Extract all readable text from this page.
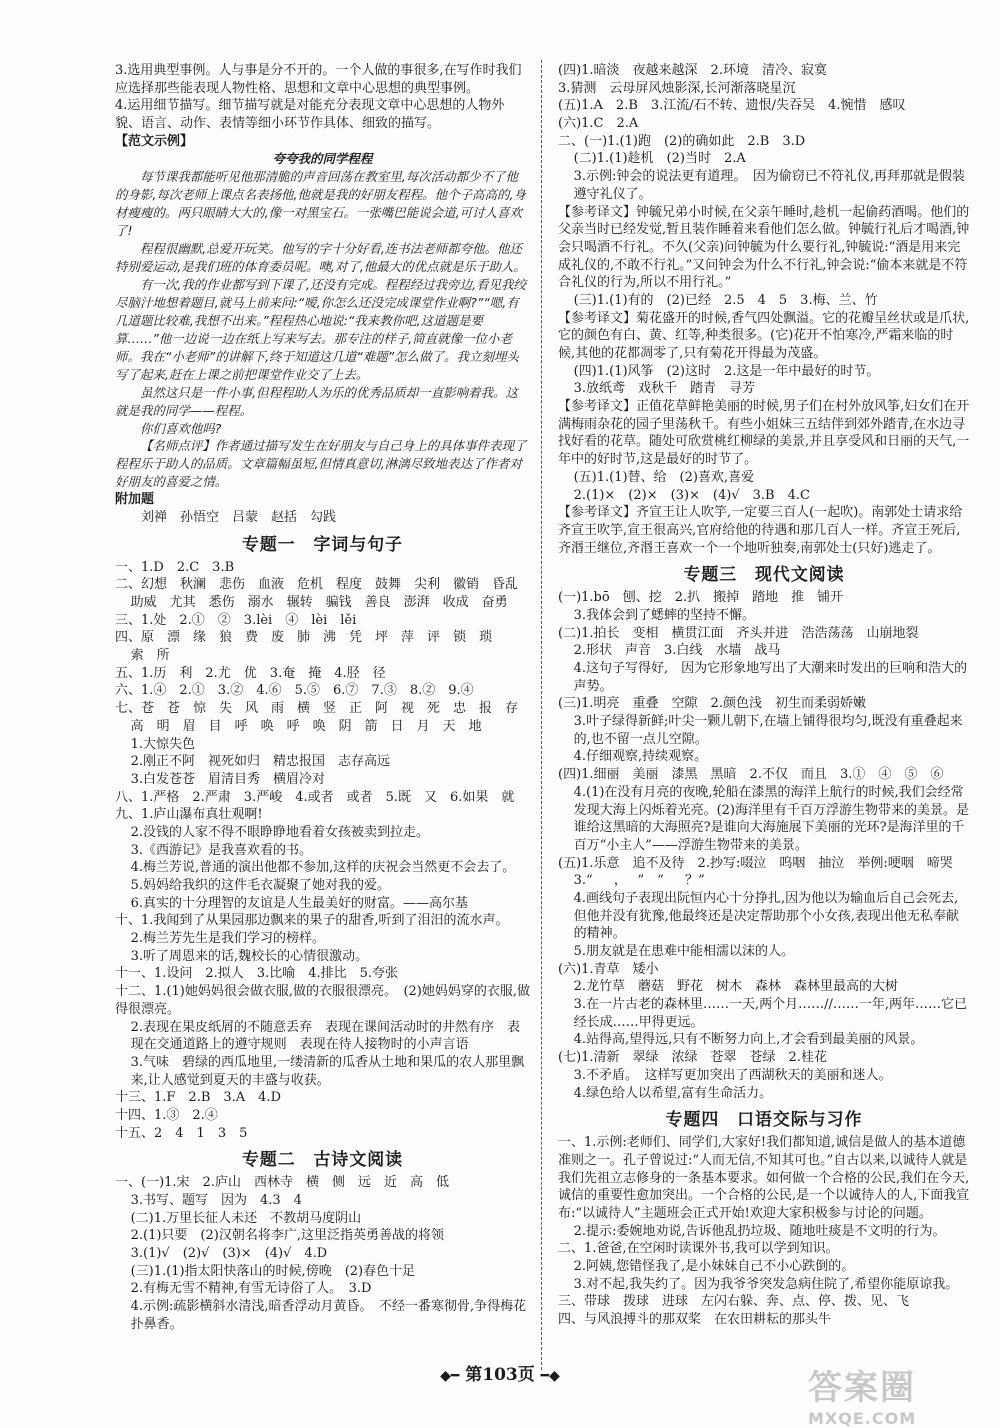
3.选用典型事例。人与事是分不开的。一个人做的事很多,在写作时我们应选择那些能表现人物性格、思想和文章中心思想的典型事例。
4.运用细节描写。细节描写就是对能充分表现文章中心思想的人物外貌、语言、动作、表情等细小环节作具体、细致的描写。
【范文示例】
夸夸我的同学程程
每节课我都能听见他那清脆的声音回荡在教室里,每次活动都少不了他的身影,每次老师上课点名表扬他,他就是我的好朋友程程。他个子高高的,身材瘦瘦的。两只眼睛大大的,像一对黑宝石。一张嘴巴能说会道,可讨人喜欢了!
程程很幽默,总爱开玩笑。他写的字十分好看,连书法老师都夸他。他还特别爱运动,是我们班的体育委员呢。噢,对了,他最大的优点就是乐于助人。
有一次,我的作业都写到下课了,还没有完成。程程经过我旁边,看见我绞尽脑汁地想着题目,就马上前来问:“嗳,你怎么还没完成课堂作业啊?”“嗯,有几道题比较难,我想不出来。”程程热心地说:“我来教你吧,这道题是要算……”他一边说一边在纸上写来写去。那专注的样子,简直就像一位小老师。我在“小老师”的讲解下,终于知道这几道“难题”怎么做了。我立刻埋头写了起来,赶在上课之前把课堂作业交了上去。
虽然这只是一件小事,但程程助人为乐的优秀品质却一直影响着我。这就是我的同学——程程。
你们喜欢他吗?
【名师点评】作者通过描写发生在好朋友与自己身上的具体事件表现了程程乐于助人的品质。文章篇幅虽短,但情真意切,淋漓尽致地表达了作者对好朋友的喜爱之情。
附加题
刘禅　孙悟空　吕蒙　赵括　勾践
专题一　字词与句子
一、1.D　2.C　3.B
二、幻想　秋澜　悲伤　血液　危机　程度　鼓舞　尖利　徽销　昏乱
助威　尤其　悉伤　溺水　辗转　骗钱　善良　澎湃　收成　奋勇
三、1.处　2.①　②　3.lèi　④　lèi　lěi
四、原　漂　缘　狼　费　废　肺　沸　凭　坪　萍　评　锁　琐
索　所
五、1.历　利　2.尤　优　3.奄　掩　4.胫　径
六、1.④　2.①　3.②　4.⑥　5.⑤　6.⑦　7.③　8.②　9.④
七、苍　苍　惊　失　风　雨　横　竖　正　阿　视　死　忠　报　存
高　明　眉　目　呼　唤　呼　唤　阴　箭　日　月　天　地
1.大惊失色
2.刚正不阿　视死如归　精忠报国　志存高远
3.白发苍苍　眉清目秀　横眉冷对
八、1.严格　2.严肃　3.严峻　4.或者　或者　5.既　又　6.如果　就
九、1.庐山瀑布真壮观啊!
2.没钱的人家不得不眼睁睁地看着女孩被卖到拉走。
3.《西游记》是我喜欢看的书。
4.梅兰芳说,普通的演出他都不参加,这样的庆祝会当然更不会去了。
5.妈妈给我织的这件毛衣凝聚了她对我的爱。
6.真实的十分理智的友谊是人生最美好的财富。——高尔基
十、1.我闻到了从果园那边飘来的果子的甜香,听到了泪汨的流水声。
2.梅兰芳先生是我们学习的榜样。
3.听了周恩来的话,魏校长的心情很激动。
十一、1.设问　2.拟人　3.比喻　4.排比　5.夸张
十二、1.(1)她妈妈很会做衣服,做的衣服很漂亮。　(2)她妈妈穿的衣服,做得很漂亮。
2.表现在果皮纸屑的不随意丢弃　表现在课间活动时的井然有序　表现在交通道路上的遵守规则　表现在待人接物时的小声言语
3.气味　碧绿的西瓜地里,一缕清新的瓜香从土地和果瓜的农人那里飘来,让人感觉到夏天的丰盛与收获。
十三、1.F　2.B　3.A　4.D
十四、1.③　2.④
十五、2　4　1　3　5
专题二　古诗文阅读
一、(一)1.宋　2.庐山　西林寺　横　侧　远　近　高　低
3.书写、题写　因为　4.3　4
(二)1.万里长征人未还　不教胡马度阴山
2.(1)只要　(2)汉朝名将李广,这里泛指英勇善战的将领
3.(1)√　(2)√　(3)×　(4)√　4.D
(三)1.(1)指太阳快落山的时候,傍晚　(2)春色十足
2.有梅无雪不精神,有雪无诗俗了人。　3.D
4.示例:疏影横斜水清浅,暗香浮动月黄昏。　不经一番寒彻骨,争得梅花扑鼻香。
(四)1.暗淡　夜越来越深　2.环境　清冷、寂寞
3.猜测　云母屏风烛影深,长河渐落晓星沉
(五)1.A　2.B　3.江流/石不转、遗恨/失吞吴　4.惋惜　感叹
(六)1.C　2.A
二、(一)1.(1)跑　(2)的确如此　2.B　3.D
(二)1.(1)趁机　(2)当时　2.A
3.示例:钟会的说法更有道理。　因为偷窃已不符礼仪,再拜那就是假装遵守礼仪了。
【参考译文】钟毓兄弟小时候,在父亲午睡时,趁机一起偷药酒喝。他们的父亲当时已经发觉,暂且装作睡着来看他们怎么做。钟毓行礼后才喝酒,钟会只喝酒不行礼。不久(父亲)问钟毓为什么要行礼,钟毓说:“酒是用来完成礼仪的,不敢不行礼。”又问钟会为什么不行礼,钟会说:“偷本来就是不符合礼仪的行为,所以不用行礼。”
(三)1.(1)有的　(2)已经　2.5　4　5　3.梅、兰、竹
【参考译文】菊花盛开的时候,香气四处飘溢。它的花瓣呈丝状或是爪状,它的颜色有白、黄、红等,种类很多。(它)花开不怕寒冷,严霜来临的时候,其他的花都凋零了,只有菊花开得最为茂盛。
(四)1.(1)风筝　(2)这时　2.这是一年中最好的时节。
3.放纸鸢　戏秋千　踏青　寻芳
【参考译文】正值花草鲜艳美丽的时候,男子们在村外放风筝,妇女们在开满梅雨杂花的园子里荡秋千。有些小姐妹三五结伴到郊外踏青,在水边寻找好看的花草。随处可欣赏桃红柳绿的美景,并且享受风和日丽的天气,一年中的好时节,这是最好的时节了。
(五)1.(1)替、给　(2)喜欢,喜爱
2.(1)×　(2)×　(3)×　(4)√　3.B　4.C
【参考译文】齐宣王让人吹竽,一定要三百人(一起吹)。南郭处士请求给齐宣王吹竽,宣王很高兴,官府给他的待遇和那几百人一样。齐宣王死后,齐湣王继位,齐湣王喜欢一个一个地听独奏,南郭处士(只好)逃走了。
专题三　现代文阅读
(一)1.bō　刨、挖　2.扒　搬掉　踏地　推　铺开
3.我体会到了蟋蟀的坚持不懈。
(二)1.拍长　变相　横贯江面　齐头并进　浩浩荡荡　山崩地裂
2.形状　声音　3.白线　水墙　战马
4.这句子写得好,　因为它形象地写出了大潮来时发出的巨响和浩大的声势。
(三)1.明亮　重叠　空隙　2.颜色浅　初生而柔弱娇嫩
3.叶子绿得新鲜;叶尖一颗儿朝下,在墙上铺得很均匀,既没有重叠起来的,也不留一点儿空隙。
4.仔细观察,持续观察。
(四)1.细丽　美丽　漆黑　黑暗　2.不仅　而且　3.①　④　⑤　⑥
4.(1)在没有月亮的夜晚,轮船在漆黑的海洋上航行的时候,我们会经常发现大海上闪烁着光亮。(2)海洋里有千百万浮游生物带来的美景。是谁给这黑暗的大海照亮?是谁向大海施展下美丽的光环?是海洋里的千百万“小主人”——浮游生物带来的美景。
(五)1.乐意　追不及待　2.抄写:啜泣　呜咽　抽泣　举例:哽咽　啼哭
3.“ 　 ，　 ”　“ 　 ？”
4.画线句子表现出阮恒内心十分挣扎,因为他以为输血后自己会死去,但他并没有犹豫,他最终还是决定帮助那个小女孩,表现出他无私奉献的精神。
5.朋友就是在患难中能相濡以沫的人。
(六)1.青草　矮小
2.龙竹草　蘑菇　野花　树木　森林　森林里最高的大树
3.在一片古老的森林里……一天,两个月……//……一年,两年……它已经长成……甲得更远。
4.站得高,望得远,只有不断努力向上,才会看到最美丽的风景。
(七)1.清新　翠绿　浓绿　苍翠　苍绿　2.桂花
3.不矛盾。　这样写更加突出了西湖秋天的美丽和迷人。
4.绿色给人以希望,富有生命活力。
专题四　口语交际与习作
一、1.示例:老师们、同学们,大家好!我们都知道,诚信是做人的基本道德准则之一。孔子曾说过:“人而无信,不知其可也。”自古以来,以诚待人就是我们先祖立志修身的一条基本要求。如何做一个合格的公民,我们在今天,诚信的重要性愈加突出。一个合格的公民,是一个以诚待人的人,下面我宣布:“以诚待人”主题班会正式开始!欢迎大家积极参与讨论的问题。
2.提示:委婉地劝说,告诉他乱扔垃圾、随地吐痰是不文明的行为。
二、1.爸爸,在空闲时读课外书,我可以学到知识。
2.阿姨,您错怪我了,是小妹妹自己不小心跌倒的。
3.对不起,我失约了。因为我爷爷突发急病住院了,希望你能原谅我。
三、带球　拨球　进球　左闪右躲、奔、点、停、拨、见、飞
四、与风浪搏斗的那双桨　在农田耕耘的那头牛
◆━ 第103页 ━◆	答案圈
MXQE.COM
